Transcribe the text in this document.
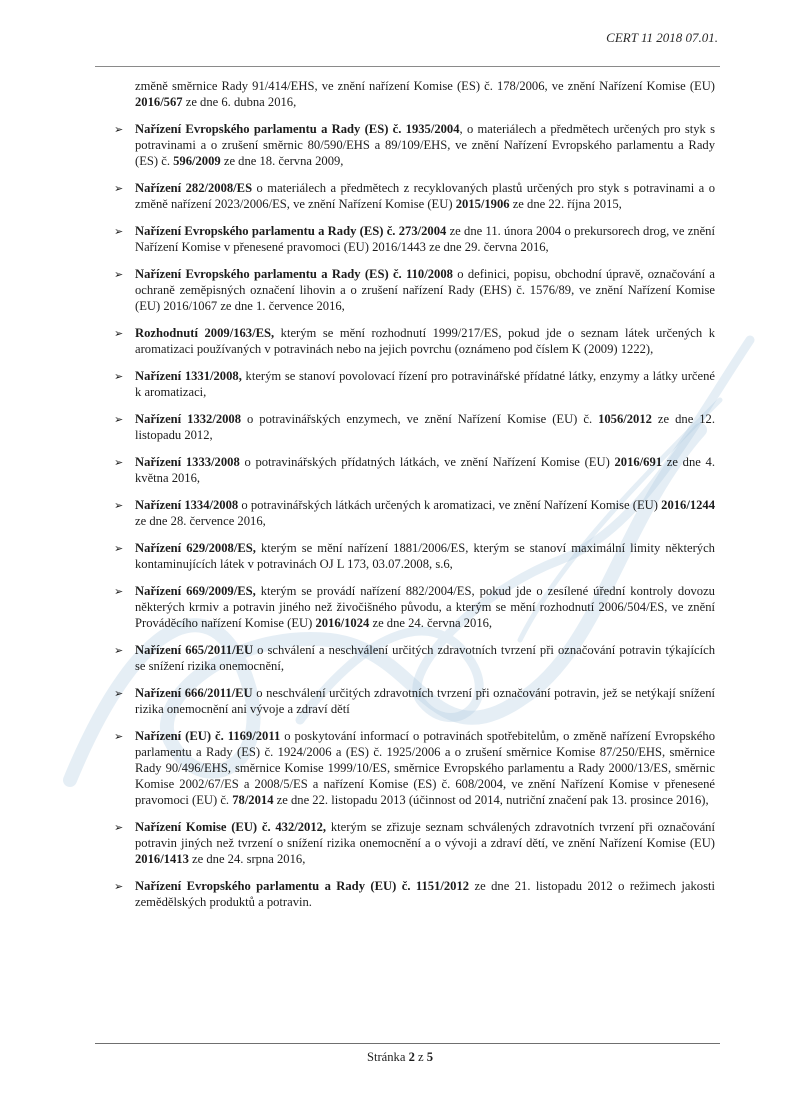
CERT 11 2018 07.01.

změně směrnice Rady 91/414/EHS, ve znění nařízení Komise (ES) č. 178/2006, ve znění Nařízení Komise (EU) 2016/567 ze dne 6. dubna 2016,

➢ Nařízení Evropského parlamentu a Rady (ES) č. 1935/2004, o materiálech a předmětech určených pro styk s potravinami a o zrušení směrnic 80/590/EHS a 89/109/EHS, ve znění Nařízení Evropského parlamentu a Rady (ES) č. 596/2009 ze dne 18. června 2009,
➢ Nařízení 282/2008/ES o materiálech a předmětech z recyklovaných plastů určených pro styk s potravinami a o změně nařízení 2023/2006/ES, ve znění Nařízení Komise (EU) 2015/1906 ze dne 22. října 2015,
➢ Nařízení Evropského parlamentu a Rady (ES) č. 273/2004 ze dne 11. února 2004 o prekursorech drog, ve znění Nařízení Komise v přenesené pravomoci (EU) 2016/1443 ze dne 29. června 2016,
➢ Nařízení Evropského parlamentu a Rady (ES) č. 110/2008 o definici, popisu, obchodní úpravě, označování a ochraně zeměpisných označení lihovin a o zrušení nařízení Rady (EHS) č. 1576/89, ve znění Nařízení Komise (EU) 2016/1067 ze dne 1. července 2016,
➢ Rozhodnutí 2009/163/ES, kterým se mění rozhodnutí 1999/217/ES, pokud jde o seznam látek určených k aromatizaci používaných v potravinách nebo na jejich povrchu (oznámeno pod číslem K (2009) 1222),
➢ Nařízení 1331/2008, kterým se stanoví povolovací řízení pro potravinářské přídatné látky, enzymy a látky určené k aromatizaci,
➢ Nařízení 1332/2008 o potravinářských enzymech, ve znění Nařízení Komise (EU) č. 1056/2012 ze dne 12. listopadu 2012,
➢ Nařízení 1333/2008 o potravinářských přídatných látkách, ve znění Nařízení Komise (EU) 2016/691 ze dne 4. května 2016,
➢ Nařízení 1334/2008 o potravinářských látkách určených k aromatizaci, ve znění Nařízení Komise (EU) 2016/1244 ze dne 28. července 2016,
➢ Nařízení 629/2008/ES, kterým se mění nařízení 1881/2006/ES, kterým se stanoví maximální limity některých kontaminujících látek v potravinách OJ L 173, 03.07.2008, s.6,
➢ Nařízení 669/2009/ES, kterým se provádí nařízení 882/2004/ES, pokud jde o zesílené úřední kontroly dovozu některých krmiv a potravin jiného než živočišného původu, a kterým se mění rozhodnutí 2006/504/ES, ve znění Prováděcího nařízení Komise (EU) 2016/1024 ze dne 24. června 2016,
➢ Nařízení 665/2011/EU o schválení a neschválení určitých zdravotních tvrzení při označování potravin týkajících se snížení rizika onemocnění,
➢ Nařízení 666/2011/EU o neschválení určitých zdravotních tvrzení při označování potravin, jež se netýkají snížení rizika onemocnění ani vývoje a zdraví dětí
➢ Nařízení (EU) č. 1169/2011 o poskytování informací o potravinách spotřebitelům, o změně nařízení Evropského parlamentu a Rady (ES) č. 1924/2006 a (ES) č. 1925/2006 a o zrušení směrnice Komise 87/250/EHS, směrnice Rady 90/496/EHS, směrnice Komise 1999/10/ES, směrnice Evropského parlamentu a Rady 2000/13/ES, směrnic Komise 2002/67/ES a 2008/5/ES a nařízení Komise (ES) č. 608/2004, ve znění Nařízení Komise v přenesené pravomoci (EU) č. 78/2014 ze dne 22. listopadu 2013 (účinnost od 2014, nutriční značení pak 13. prosince 2016),
➢ Nařízení Komise (EU) č. 432/2012, kterým se zřizuje seznam schválených zdravotních tvrzení při označování potravin jiných než tvrzení o snížení rizika onemocnění a o vývoji a zdraví dětí, ve znění Nařízení Komise (EU) 2016/1413 ze dne 24. srpna 2016,
➢ Nařízení Evropského parlamentu a Rady (EU) č. 1151/2012 ze dne 21. listopadu 2012 o režimech jakosti zemědělských produktů a potravin.
Stránka 2 z 5
